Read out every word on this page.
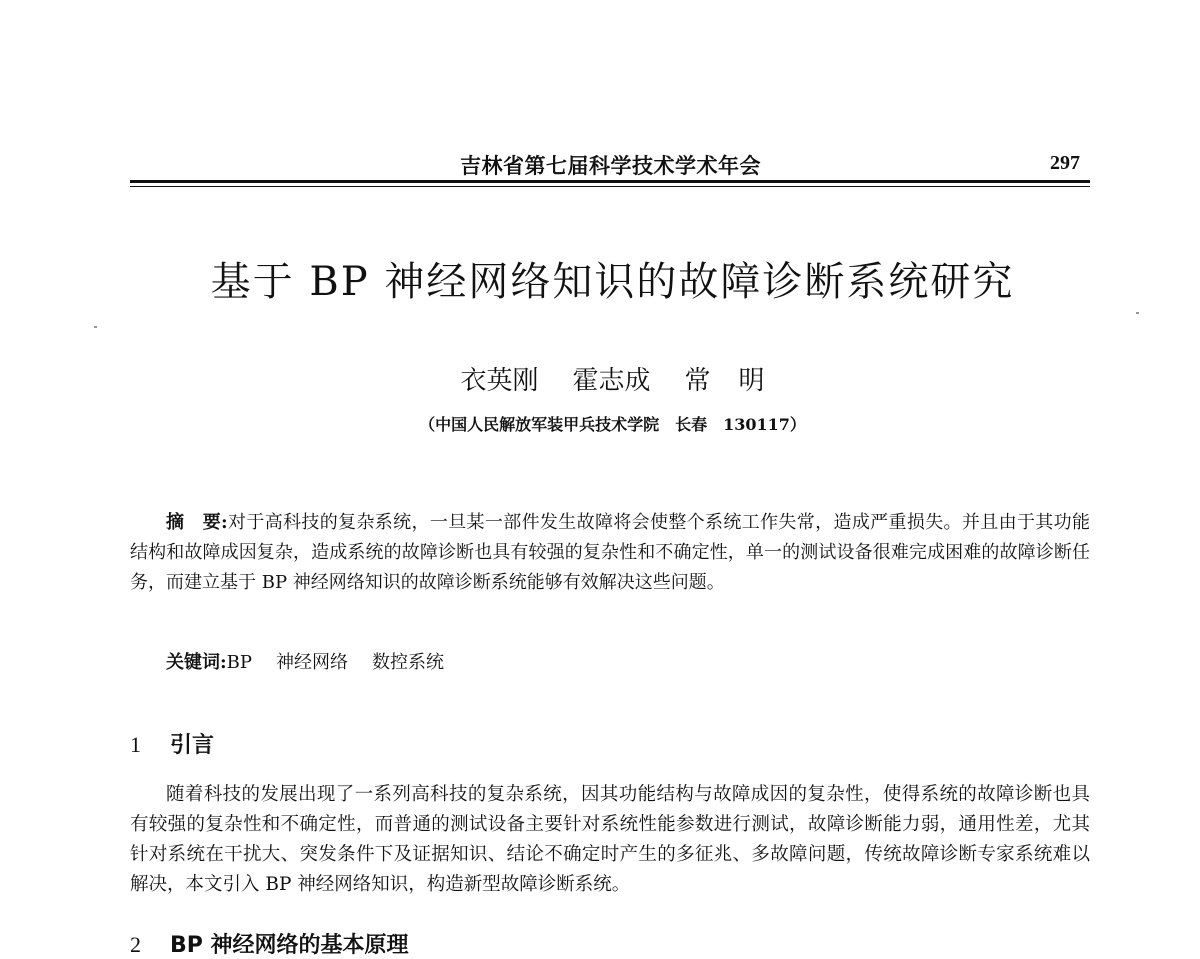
吉林省第七届科学技术学术年会	297
基于 BP 神经网络知识的故障诊断系统研究
衣英刚 霍志成 常 明
（中国人民解放军装甲兵技术学院　长春　130117）

摘　要:对于高科技的复杂系统，一旦某一部件发生故障将会使整个系统工作失常，造成严重损失。并且由于其功能结构和故障成因复杂，造成系统的故障诊断也具有较强的复杂性和不确定性，单一的测试设备很难完成困难的故障诊断任务，而建立基于 BP 神经网络知识的故障诊断系统能够有效解决这些问题。

关键词:BP 神经网络 数控系统
1 引言

随着科技的发展出现了一系列高科技的复杂系统，因其功能结构与故障成因的复杂性，使得系统的故障诊断也具有较强的复杂性和不确定性，而普通的测试设备主要针对系统性能参数进行测试，故障诊断能力弱，通用性差，尤其针对系统在干扰大、突发条件下及证据知识、结论不确定时产生的多征兆、多故障问题，传统故障诊断专家系统难以解决，本文引入 BP 神经网络知识，构造新型故障诊断系统。

2 BP 神经网络的基本原理
